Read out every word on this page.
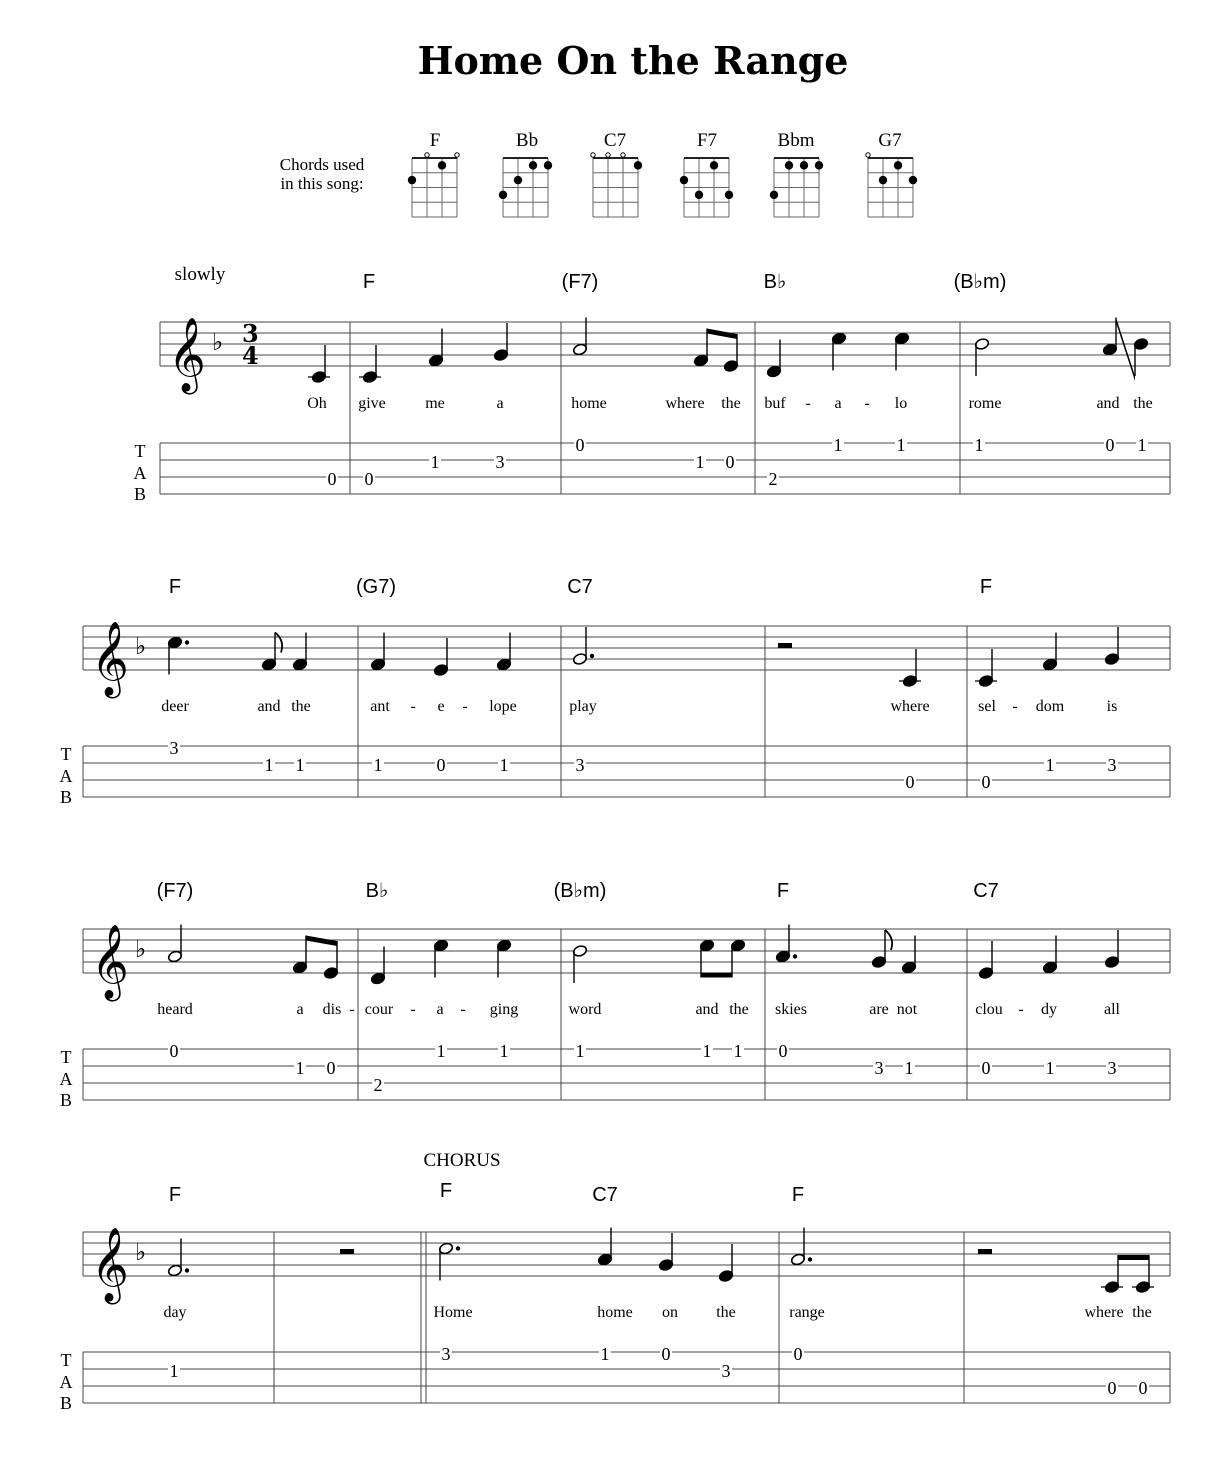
𝄞 ♭ 3
4
𝄞 ♭
𝄞 ♭
𝄞 ♭
Home On the Range
Chords used
in this song:
F	Bb	C7	F7	Bbm	G7
slowly
CHORUS
F	(F7)	B♭	(B♭m)
F	(G7)	C7	F
(F7)	B♭	(B♭m)	F	C7
F	F	C7	F
Oh give me	a	home	where the buf - a - lo	rome	and the
deer	and the	ant - e - lope	play	where	sel - dom	is
heard	a dis - cour - a - ging	word	and the skies	are not	clou - dy	all
day	Home	home on the	range	where the
T
A
B
T
A
B
T
A
B
T
A
B
0 0
1	3
0
1 0
2
1	1	1	0 1
3
1 1	1	0	1	3
0	0
1	3
0
1 0
2
1	1	1	1 1 0
3 1	0	1	3
1
3	1	0
3
0
0 0
